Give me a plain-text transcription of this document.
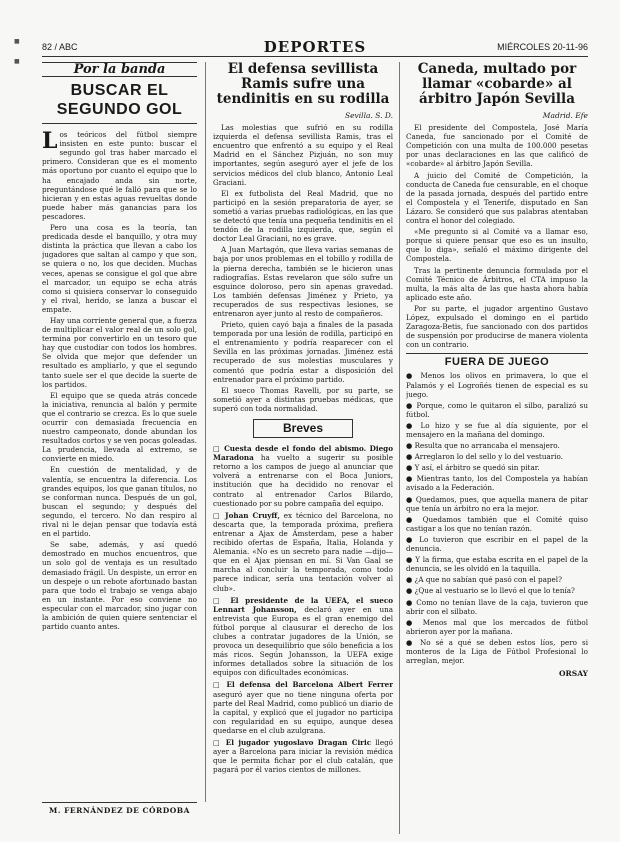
82 / ABC	DEPORTES	MIÉRCOLES 20-11-96
■
■
Por la banda
BUSCAR EL SEGUNDO GOL

Los teóricos del fútbol siempre insisten en este punto: buscar el segundo gol tras haber marcado el primero. Consideran que es el momento más oportuno por cuanto el equipo que lo ha encajado anda sin norte, preguntándose qué le falló para que se lo hicieran y en estas aguas revueltas donde puede haber más ganancias para los pescadores.

Pero una cosa es la teoría, tan predicada desde el banquillo, y otra muy distinta la práctica que llevan a cabo los jugadores que saltan al campo y que son, se quiera o no, los que deciden. Muchas veces, apenas se consigue el gol que abre el marcador, un equipo se echa atrás como si quisiera conservar lo conseguido y el rival, herido, se lanza a buscar el empate.

Hay una corriente general que, a fuerza de multiplicar el valor real de un solo gol, termina por convertirlo en un tesoro que hay que custodiar con todos los hombres. Se olvida que mejor que defender un resultado es ampliarlo, y que el segundo tanto suele ser el que decide la suerte de los partidos.

El equipo que se queda atrás concede la iniciativa, renuncia al balón y permite que el contrario se crezca. Es lo que suele ocurrir con demasiada frecuencia en nuestro campeonato, donde abundan los resultados cortos y se ven pocas goleadas. La prudencia, llevada al extremo, se convierte en miedo.

En cuestión de mentalidad, y de valentía, se encuentra la diferencia. Los grandes equipos, los que ganan títulos, no se conforman nunca. Después de un gol, buscan el segundo; y después del segundo, el tercero. No dan respiro al rival ni le dejan pensar que todavía está en el partido.

Se sabe, además, y así quedó demostrado en muchos encuentros, que un solo gol de ventaja es un resultado demasiado frágil. Un despiste, un error en un despeje o un rebote afortunado bastan para que todo el trabajo se venga abajo en un instante. Por eso conviene no especular con el marcador, sino jugar con la ambición de quien quiere sentenciar el partido cuanto antes.

M. FERNÁNDEZ DE CÓRDOBA
El defensa sevillista Ramis sufre una tendinitis en su rodilla
Sevilla. S. D.

Las molestias que sufrió en su rodilla izquierda el defensa sevillista Ramis, tras el encuentro que enfrentó a su equipo y el Real Madrid en el Sánchez Pizjuán, no son muy importantes, según aseguró ayer el jefe de los servicios médicos del club blanco, Antonio Leal Graciani.

El ex futbolista del Real Madrid, que no participó en la sesión preparatoria de ayer, se sometió a varias pruebas radiológicas, en las que se detectó que tenía una pequeña tendinitis en el tendón de la rodilla izquierda, que, según el doctor Leal Graciani, no es grave.

A Juan Martagón, que lleva varias semanas de baja por unos problemas en el tobillo y rodilla de la pierna derecha, también se le hicieron unas radiografías. Estas revelaron que sólo sufre un esguince doloroso, pero sin apenas gravedad. Los también defensas Jiménez y Prieto, ya recuperados de sus respectivas lesiones, se entrenaron ayer junto al resto de compañeros.

Prieto, quien cayó baja a finales de la pasada temporada por una lesión de rodilla, participó en el entrenamiento y podría reaparecer con el Sevilla en las próximas jornadas. Jiménez está recuperado de sus molestias musculares y comentó que podría estar a disposición del entrenador para el próximo partido.

El sueco Thomas Ravelli, por su parte, se sometió ayer a distintas pruebas médicas, que superó con toda normalidad.

Breves

□ Cuesta desde el fondo del abismo. Diego Maradona ha vuelto a sugerir su posible retorno a los campos de juego al anunciar que volverá a entrenarse con el Boca Juniors, institución que ha decidido no renovar el contrato al entrenador Carlos Bilardo, cuestionado por su pobre campaña del equipo.

□ Johan Cruyff, ex técnico del Barcelona, no descarta que, la temporada próxima, prefiera entrenar a Ajax de Ámsterdam, pese a haber recibido ofertas de España, Italia, Holanda y Alemania. «No es un secreto para nadie —dijo— que en el Ajax piensan en mí. Si Van Gaal se marcha al concluir la temporada, como todo parece indicar, sería una tentación volver al club».

□ El presidente de la UEFA, el sueco Lennart Johansson, declaró ayer en una entrevista que Europa es el gran enemigo del fútbol porque al clausurar el derecho de los clubes a contratar jugadores de la Unión, se provoca un desequilibrio que sólo beneficia a los más ricos. Según Johansson, la UEFA exige informes detallados sobre la situación de los equipos con dificultades económicas.

□ El defensa del Barcelona Albert Ferrer aseguró ayer que no tiene ninguna oferta por parte del Real Madrid, como publicó un diario de la capital, y explicó que el jugador no participa con regularidad en su equipo, aunque desea quedarse en el club azulgrana.

□ El jugador yugoslavo Dragan Ciric llegó ayer a Barcelona para iniciar la revisión médica que le permita fichar por el club catalán, que pagará por él varios cientos de millones.

Caneda, multado por llamar «cobarde» al árbitro Japón Sevilla
Madrid. Efe

El presidente del Compostela, José María Caneda, fue sancionado por el Comité de Competición con una multa de 100.000 pesetas por unas declaraciones en las que calificó de «cobarde» al árbitro Japón Sevilla.

A juicio del Comité de Competición, la conducta de Caneda fue censurable, en el choque de la pasada jornada, después del partido entre el Compostela y el Tenerife, disputado en San Lázaro. Se consideró que sus palabras atentaban contra el honor del colegiado.

«Me pregunto si al Comité va a llamar eso, porque si quiere pensar que eso es un insulto, que lo diga», señaló el máximo dirigente del Compostela.

Tras la pertinente denuncia formulada por el Comité Técnico de Árbitros, el CTA impuso la multa, la más alta de las que hasta ahora había aplicado este año.

Por su parte, el jugador argentino Gustavo López, expulsado el domingo en el partido Zaragoza-Betis, fue sancionado con dos partidos de suspensión por producirse de manera violenta con un contrario.

FUERA DE JUEGO

● Menos los olivos en primavera, lo que el Palamós y el Logroñés tienen de especial es su juego.

● Porque, como le quitaron el silbo, paralizó su fútbol.

● Lo hizo y se fue al día siguiente, por el mensajero en la mañana del domingo.

● Resulta que no arrancaba el mensajero.

● Arreglaron lo del sello y lo del vestuario.

● Y así, el árbitro se quedó sin pitar.

● Mientras tanto, los del Compostela ya habían avisado a la Federación.

● Quedamos, pues, que aquella manera de pitar que tenía un árbitro no era la mejor.

● Quedamos también que el Comité quiso castigar a los que no tenían razón.

● Lo tuvieron que escribir en el papel de la denuncia.

● Y la firma, que estaba escrita en el papel de la denuncia, se les olvidó en la taquilla.

● ¿A que no sabían qué pasó con el papel?

● ¿Que al vestuario se lo llevó el que lo tenía?

● Como no tenían llave de la caja, tuvieron que abrir con el silbato.

● Menos mal que los mercados de fútbol abrieron ayer por la mañana.

● No sé a qué se deben estos líos, pero si monteros de la Liga de Fútbol Profesional lo arreglan, mejor.

ORSAY
